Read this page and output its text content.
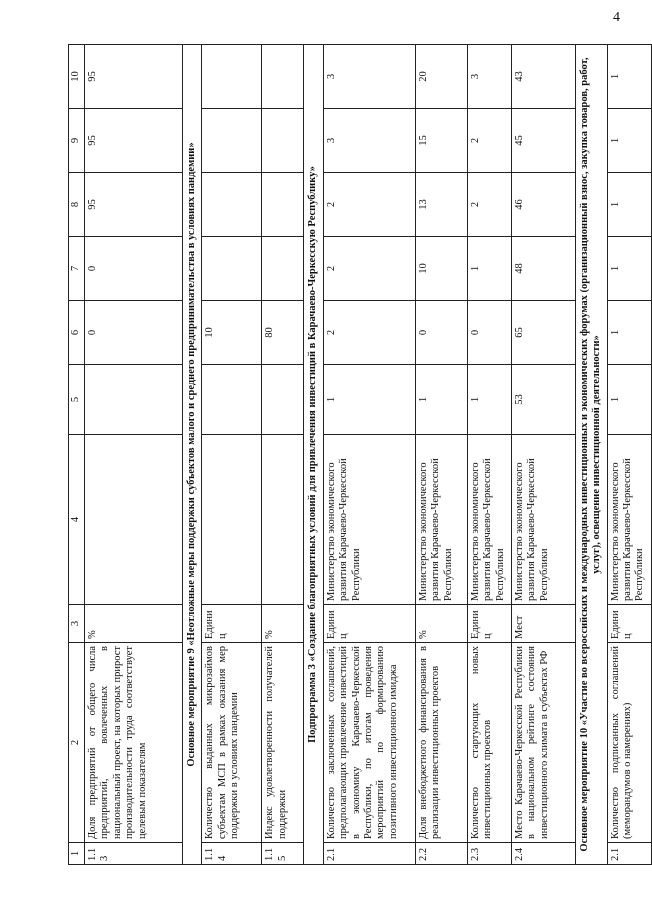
4
1	2	3	4	5	6	7	8	9	10
1.13	Доля предприятий от общего числа предприятий, вовлеченных в национальный проект, на которых прирост производительности труда соответствует целевым показателям	%			0	0	95	95	95
Основное мероприятие 9 «Неотложные меры поддержки субъектов малого и среднего предпринимательства в условиях пандемии»									
1.14	Количество выданных микрозаймов субъектам МСП в рамках оказания мер поддержки в условиях пандемии	Единиц			10				
1.15	Индекс удовлетворенности получателей поддержки	%			80				
Подпрограмма 3 «Создание благоприятных условий для привлечения инвестиций в Карачаево-Черкесскую Республику»									
2.1	Количество заключенных соглашений, предполагающих привлечение инвестиций в экономику Карачаево-Черкесской Республики, по итогам проведения мероприятий по формированию позитивного инвестиционного имиджа	Единиц	Министерство экономического развития Карачаево-Черкесской Республики	1	2	2	2	3	3
2.2	Доля внебюджетного финансирования в реализации инвестиционных проектов	%	Министерство экономического развития Карачаево-Черкесской Республики	1	0	10	13	15	20
2.3	Количество стартующих новых инвестиционных проектов	Единиц	Министерство экономического развития Карачаево-Черкесской Республики	1	0	1	2	2	3
2.4	Место Карачаево-Черкесской Республики в национальном рейтинге состояния инвестиционного климата в субъектах РФ	Мест	Министерство экономического развития Карачаево-Черкесской Республики	53	65	48	46	45	43
Основное мероприятие 10 «Участие во всероссийских и международных инвестиционных и экономических форумах (организационный взнос, закупка товаров, работ, услуг), освещение инвестиционной деятельности»									
2.1	Количество подписанных соглашений (меморандумов о намерениях)	Единиц	Министерство экономического развития Карачаево-Черкесской Республики	1	1	1	1	1	1
